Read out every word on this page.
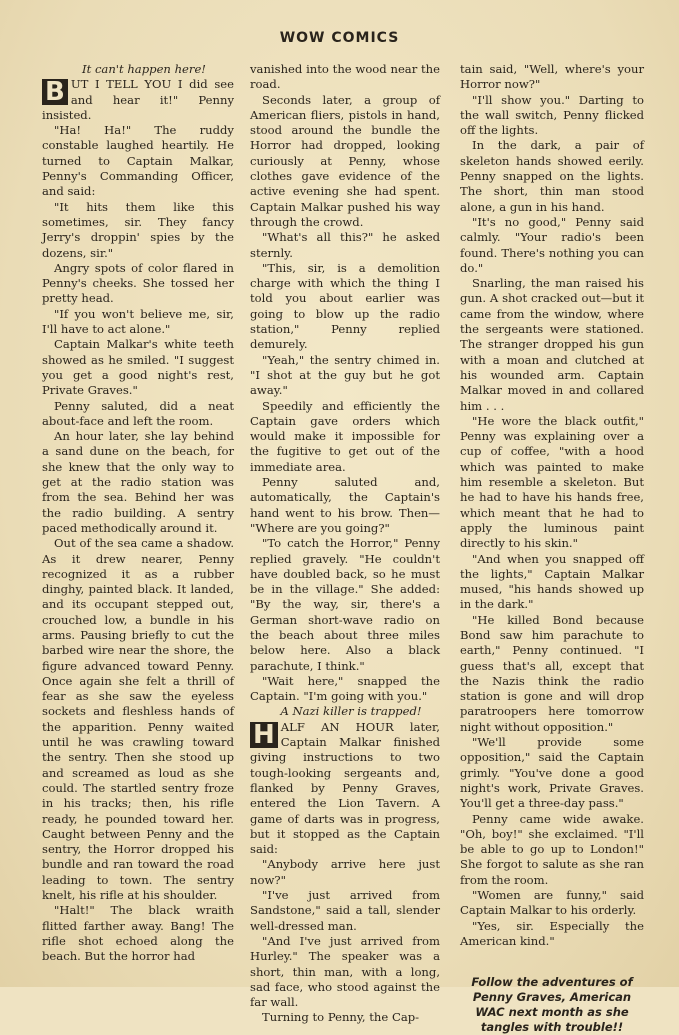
WOW COMICS

It can't happen here!

B UT I TELL YOU I did see and hear it!" Penny insisted.

"Ha! Ha!" The ruddy constable laughed heartily. He turned to Captain Malkar, Penny's Commanding Officer, and said:

"It hits them like this sometimes, sir. They fancy Jerry's droppin' spies by the dozens, sir."

Angry spots of color flared in Penny's cheeks. She tossed her pretty head.

"If you won't believe me, sir, I'll have to act alone."

Captain Malkar's white teeth showed as he smiled. "I suggest you get a good night's rest, Private Graves."

Penny saluted, did a neat about-face and left the room.

An hour later, she lay behind a sand dune on the beach, for she knew that the only way to get at the radio station was from the sea. Behind her was the radio building. A sentry paced methodically around it.

Out of the sea came a shadow. As it drew nearer, Penny recognized it as a rubber dinghy, painted black. It landed, and its occupant stepped out, crouched low, a bundle in his arms. Pausing briefly to cut the barbed wire near the shore, the figure advanced toward Penny. Once again she felt a thrill of fear as she saw the eyeless sockets and fleshless hands of the apparition. Penny waited until he was crawling toward the sentry. Then she stood up and screamed as loud as she could. The startled sentry froze in his tracks; then, his rifle ready, he pounded toward her. Caught between Penny and the sentry, the Horror dropped his bundle and ran toward the road leading to town. The sentry knelt, his rifle at his shoulder.

"Halt!" The black wraith flitted farther away. Bang! The rifle shot echoed along the beach. But the horror had

vanished into the wood near the road.

Seconds later, a group of American fliers, pistols in hand, stood around the bundle the Horror had dropped, looking curiously at Penny, whose clothes gave evidence of the active evening she had spent. Captain Malkar pushed his way through the crowd.

"What's all this?" he asked sternly.

"This, sir, is a demolition charge with which the thing I told you about earlier was going to blow up the radio station," Penny replied demurely.

"Yeah," the sentry chimed in. "I shot at the guy but he got away."

Speedily and efficiently the Captain gave orders which would make it impossible for the fugitive to get out of the immediate area.

Penny saluted and, automatically, the Captain's hand went to his brow. Then— "Where are you going?"

"To catch the Horror," Penny replied gravely. "He couldn't have doubled back, so he must be in the village." She added: "By the way, sir, there's a German short-wave radio on the beach about three miles below here. Also a black parachute, I think."

"Wait here," snapped the Captain. "I'm going with you."

A Nazi killer is trapped!

H ALF AN HOUR later, Captain Malkar finished giving instructions to two tough-looking sergeants and, flanked by Penny Graves, entered the Lion Tavern. A game of darts was in progress, but it stopped as the Captain said:

"Anybody arrive here just now?"

"I've just arrived from Sandstone," said a tall, slender well-dressed man.

"And I've just arrived from Hurley." The speaker was a short, thin man, with a long, sad face, who stood against the far wall.

Turning to Penny, the Cap-

tain said, "Well, where's your Horror now?"

"I'll show you." Darting to the wall switch, Penny flicked off the lights.

In the dark, a pair of skeleton hands showed eerily. Penny snapped on the lights. The short, thin man stood alone, a gun in his hand.

"It's no good," Penny said calmly. "Your radio's been found. There's nothing you can do."

Snarling, the man raised his gun. A shot cracked out—but it came from the window, where the sergeants were stationed. The stranger dropped his gun with a moan and clutched at his wounded arm. Captain Malkar moved in and collared him . . .

"He wore the black outfit," Penny was explaining over a cup of coffee, "with a hood which was painted to make him resemble a skeleton. But he had to have his hands free, which meant that he had to apply the luminous paint directly to his skin."

"And when you snapped off the lights," Captain Malkar mused, "his hands showed up in the dark."

"He killed Bond because Bond saw him parachute to earth," Penny continued. "I guess that's all, except that the Nazis think the radio station is gone and will drop paratroopers here tomorrow night without opposition."

"We'll provide some opposition," said the Captain grimly. "You've done a good night's work, Private Graves. You'll get a three-day pass."

Penny came wide awake. "Oh, boy!" she exclaimed. "I'll be able to go up to London!" She forgot to salute as she ran from the room.

"Women are funny," said Captain Malkar to his orderly.

"Yes, sir. Especially the American kind."

Follow the adventures of Penny Graves, American WAC next month as she tangles with trouble!!
